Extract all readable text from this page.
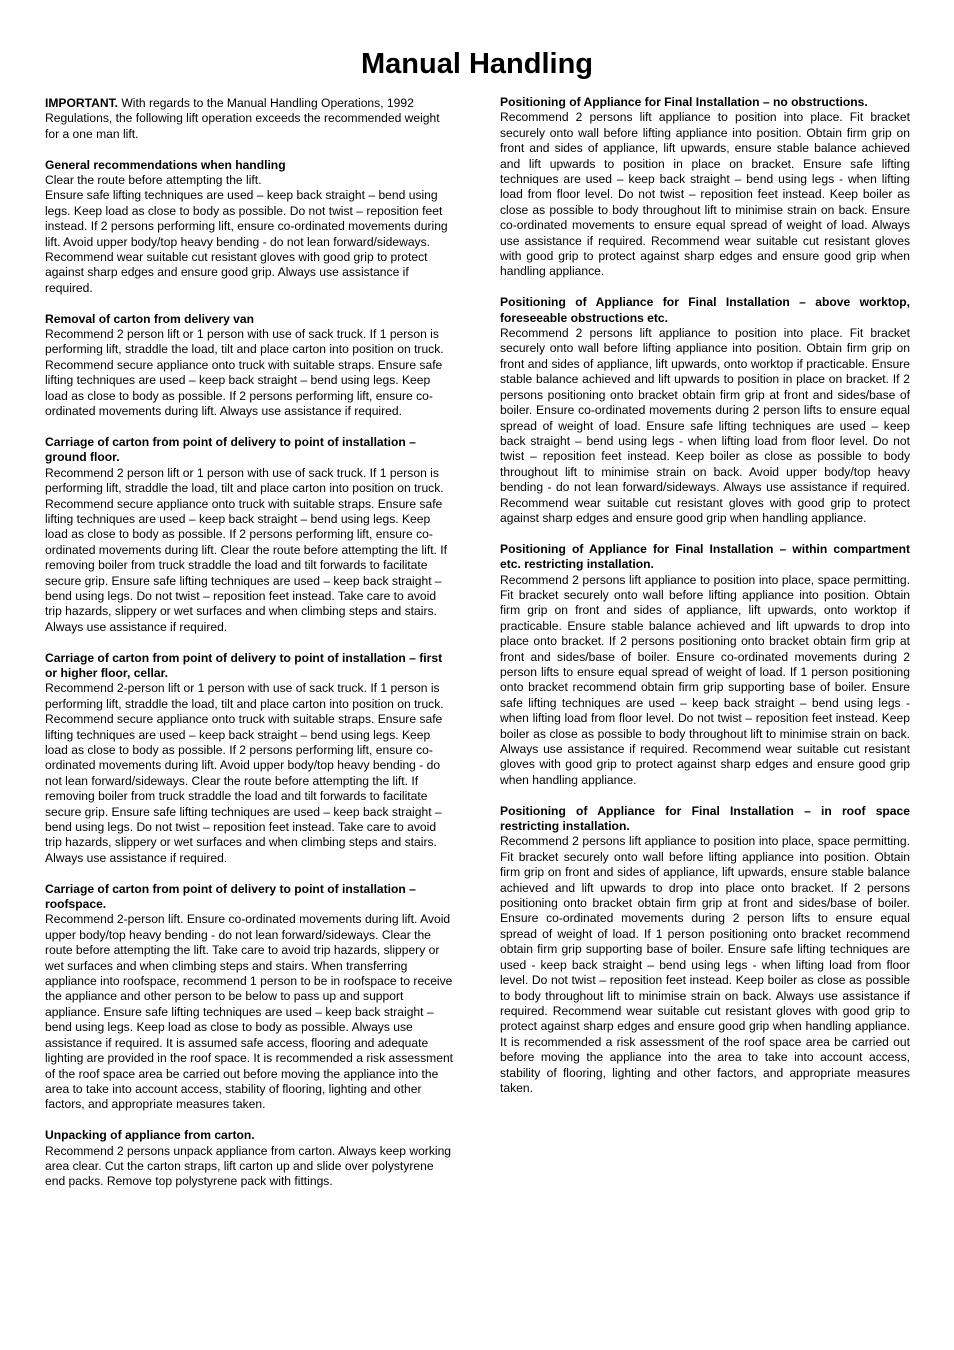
Manual Handling

IMPORTANT. With regards to the Manual Handling Operations, 1992 Regulations, the following lift operation exceeds the recommended weight for a one man lift.

General recommendations when handling

Clear the route before attempting the lift.
Ensure safe lifting techniques are used – keep back straight – bend using legs. Keep load as close to body as possible. Do not twist – reposition feet instead. If 2 persons performing lift, ensure co-ordinated movements during lift. Avoid upper body/top heavy bending - do not lean forward/sideways. Recommend wear suitable cut resistant gloves with good grip to protect against sharp edges and ensure good grip. Always use assistance if required.

Removal of carton from delivery van

Recommend 2 person lift or 1 person with use of sack truck. If 1 person is performing lift, straddle the load, tilt and place carton into position on truck. Recommend secure appliance onto truck with suitable straps. Ensure safe lifting techniques are used – keep back straight – bend using legs. Keep load as close to body as possible. If 2 persons performing lift, ensure co-ordinated movements during lift. Always use assistance if required.

Carriage of carton from point of delivery to point of installation – ground floor.

Recommend 2 person lift or 1 person with use of sack truck. If 1 person is performing lift, straddle the load, tilt and place carton into position on truck. Recommend secure appliance onto truck with suitable straps. Ensure safe lifting techniques are used – keep back straight – bend using legs. Keep load as close to body as possible. If 2 persons performing lift, ensure co-ordinated movements during lift. Clear the route before attempting the lift. If removing boiler from truck straddle the load and tilt forwards to facilitate secure grip. Ensure safe lifting techniques are used – keep back straight – bend using legs. Do not twist – reposition feet instead. Take care to avoid trip hazards, slippery or wet surfaces and when climbing steps and stairs. Always use assistance if required.

Carriage of carton from point of delivery to point of installation – first or higher floor, cellar.

Recommend 2-person lift or 1 person with use of sack truck. If 1 person is performing lift, straddle the load, tilt and place carton into position on truck. Recommend secure appliance onto truck with suitable straps. Ensure safe lifting techniques are used – keep back straight – bend using legs. Keep load as close to body as possible. If 2 persons performing lift, ensure co-ordinated movements during lift. Avoid upper body/top heavy bending - do not lean forward/sideways. Clear the route before attempting the lift. If removing boiler from truck straddle the load and tilt forwards to facilitate secure grip. Ensure safe lifting techniques are used – keep back straight – bend using legs. Do not twist – reposition feet instead. Take care to avoid trip hazards, slippery or wet surfaces and when climbing steps and stairs. Always use assistance if required.

Carriage of carton from point of delivery to point of installation – roofspace.

Recommend 2-person lift. Ensure co-ordinated movements during lift. Avoid upper body/top heavy bending - do not lean forward/sideways. Clear the route before attempting the lift. Take care to avoid trip hazards, slippery or wet surfaces and when climbing steps and stairs. When transferring appliance into roofspace, recommend 1 person to be in roofspace to receive the appliance and other person to be below to pass up and support appliance. Ensure safe lifting techniques are used – keep back straight – bend using legs. Keep load as close to body as possible. Always use assistance if required. It is assumed safe access, flooring and adequate lighting are provided in the roof space. It is recommended a risk assessment of the roof space area be carried out before moving the appliance into the area to take into account access, stability of flooring, lighting and other factors, and appropriate measures taken.

Unpacking of appliance from carton.

Recommend 2 persons unpack appliance from carton. Always keep working area clear. Cut the carton straps, lift carton up and slide over polystyrene end packs. Remove top polystyrene pack with fittings.

Positioning of Appliance for Final Installation – no obstructions.

Recommend 2 persons lift appliance to position into place. Fit bracket securely onto wall before lifting appliance into position. Obtain firm grip on front and sides of appliance, lift upwards, ensure stable balance achieved and lift upwards to position in place on bracket. Ensure safe lifting techniques are used – keep back straight – bend using legs - when lifting load from floor level. Do not twist – reposition feet instead. Keep boiler as close as possible to body throughout lift to minimise strain on back. Ensure co-ordinated movements to ensure equal spread of weight of load. Always use assistance if required. Recommend wear suitable cut resistant gloves with good grip to protect against sharp edges and ensure good grip when handling appliance.

Positioning of Appliance for Final Installation – above worktop, foreseeable obstructions etc.

Recommend 2 persons lift appliance to position into place. Fit bracket securely onto wall before lifting appliance into position. Obtain firm grip on front and sides of appliance, lift upwards, onto worktop if practicable. Ensure stable balance achieved and lift upwards to position in place on bracket. If 2 persons positioning onto bracket obtain firm grip at front and sides/base of boiler. Ensure co-ordinated movements during 2 person lifts to ensure equal spread of weight of load. Ensure safe lifting techniques are used – keep back straight – bend using legs - when lifting load from floor level. Do not twist – reposition feet instead. Keep boiler as close as possible to body throughout lift to minimise strain on back. Avoid upper body/top heavy bending - do not lean forward/sideways. Always use assistance if required. Recommend wear suitable cut resistant gloves with good grip to protect against sharp edges and ensure good grip when handling appliance.

Positioning of Appliance for Final Installation – within compartment etc. restricting installation.

Recommend 2 persons lift appliance to position into place, space permitting. Fit bracket securely onto wall before lifting appliance into position. Obtain firm grip on front and sides of appliance, lift upwards, onto worktop if practicable. Ensure stable balance achieved and lift upwards to drop into place onto bracket. If 2 persons positioning onto bracket obtain firm grip at front and sides/base of boiler. Ensure co-ordinated movements during 2 person lifts to ensure equal spread of weight of load. If 1 person positioning onto bracket recommend obtain firm grip supporting base of boiler. Ensure safe lifting techniques are used – keep back straight – bend using legs - when lifting load from floor level. Do not twist – reposition feet instead. Keep boiler as close as possible to body throughout lift to minimise strain on back. Always use assistance if required. Recommend wear suitable cut resistant gloves with good grip to protect against sharp edges and ensure good grip when handling appliance.

Positioning of Appliance for Final Installation – in roof space restricting installation.

Recommend 2 persons lift appliance to position into place, space permitting. Fit bracket securely onto wall before lifting appliance into position. Obtain firm grip on front and sides of appliance, lift upwards, ensure stable balance achieved and lift upwards to drop into place onto bracket. If 2 persons positioning onto bracket obtain firm grip at front and sides/base of boiler. Ensure co-ordinated movements during 2 person lifts to ensure equal spread of weight of load. If 1 person positioning onto bracket recommend obtain firm grip supporting base of boiler. Ensure safe lifting techniques are used - keep back straight – bend using legs - when lifting load from floor level. Do not twist – reposition feet instead. Keep boiler as close as possible to body throughout lift to minimise strain on back. Always use assistance if required. Recommend wear suitable cut resistant gloves with good grip to protect against sharp edges and ensure good grip when handling appliance. It is recommended a risk assessment of the roof space area be carried out before moving the appliance into the area to take into account access, stability of flooring, lighting and other factors, and appropriate measures taken.
